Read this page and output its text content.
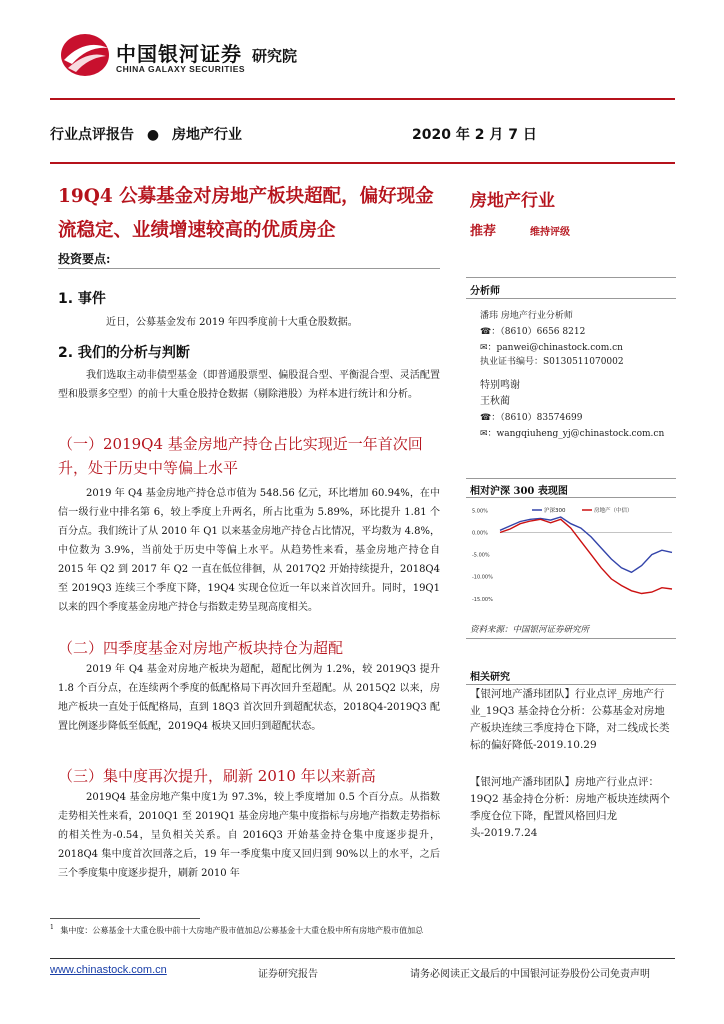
中国银河证券
CHINA GALAXY SECURITIES
研究院
行业点评报告 ● 房地产行业	2020 年 2 月 7 日
19Q4 公募基金对房地产板块超配，偏好现金流稳定、业绩增速较高的优质房企
房地产行业
推荐	维持评级
投资要点:
1. 事件
近日，公募基金发布 2019 年四季度前十大重仓股数据。
2. 我们的分析与判断
我们选取主动非债型基金（即普通股票型、偏股混合型、平衡混合型、灵活配置型和股票多空型）的前十大重仓股持仓数据（剔除港股）为样本进行统计和分析。
（一）2019Q4 基金房地产持仓占比实现近一年首次回升，处于历史中等偏上水平
2019 年 Q4 基金房地产持仓总市值为 548.56 亿元，环比增加 60.94%，在中信一级行业中排名第 6，较上季度上升两名，所占比重为 5.89%，环比提升 1.81 个百分点。我们统计了从 2010 年 Q1 以来基金房地产持仓占比情况，平均数为 4.8%，中位数为 3.9%，当前处于历史中等偏上水平。从趋势性来看，基金房地产持仓自 2015 年 Q2 到 2017 年 Q2 一直在低位徘徊，从 2017Q2 开始持续提升，2018Q4 至 2019Q3 连续三个季度下降，19Q4 实现仓位近一年以来首次回升。同时，19Q1 以来的四个季度基金房地产持仓与指数走势呈现高度相关。
（二）四季度基金对房地产板块持仓为超配
2019 年 Q4 基金对房地产板块为超配，超配比例为 1.2%，较 2019Q3 提升 1.8 个百分点，在连续两个季度的低配格局下再次回升至超配。从 2015Q2 以来，房地产板块一直处于低配格局，直到 18Q3 首次回升到超配状态，2018Q4-2019Q3 配置比例逐步降低至低配，2019Q4 板块又回归到超配状态。
（三）集中度再次提升，刷新 2010 年以来新高
2019Q4 基金房地产集中度1为 97.3%，较上季度增加 0.5 个百分点。从指数走势相关性来看，2010Q1 至 2019Q1 基金房地产集中度指标与房地产指数走势指标的相关性为-0.54，呈负相关关系。自 2016Q3 开始基金持仓集中度逐步提升，2018Q4 集中度首次回落之后，19 年一季度集中度又回归到 90%以上的水平，之后三个季度集中度逐步提升，刷新 2010 年
分析师
潘玮 房地产行业分析师
☎：（8610）6656 8212
✉：panwei@chinastock.com.cn
执业证书编号：S0130511070002
特别鸣谢
王秋蔺
☎：（8610）83574699
✉：wangqiuheng_yj@chinastock.com.cn
相对沪深 300 表现图
5.00%
0.00%
-5.00%
-10.00%
-15.00%
沪深300	房地产（中信）
资料来源：中国银河证券研究所
相关研究
【银河地产潘玮团队】行业点评_房地产行业_19Q3 基金持仓分析：公募基金对房地产板块连续三季度持仓下降，对二线成长类标的偏好降低-2019.10.29
【银河地产潘玮团队】房地产行业点评：19Q2 基金持仓分析：房地产板块连续两个季度仓位下降，配置风格回归龙头-2019.7.24
$^1$ 集中度：公募基金十大重仓股中前十大房地产股市值加总/公募基金十大重仓股中所有房地产股市值加总
www.chinastock.com.cn	证券研究报告	请务必阅读正文最后的中国银河证券股份公司免责声明
